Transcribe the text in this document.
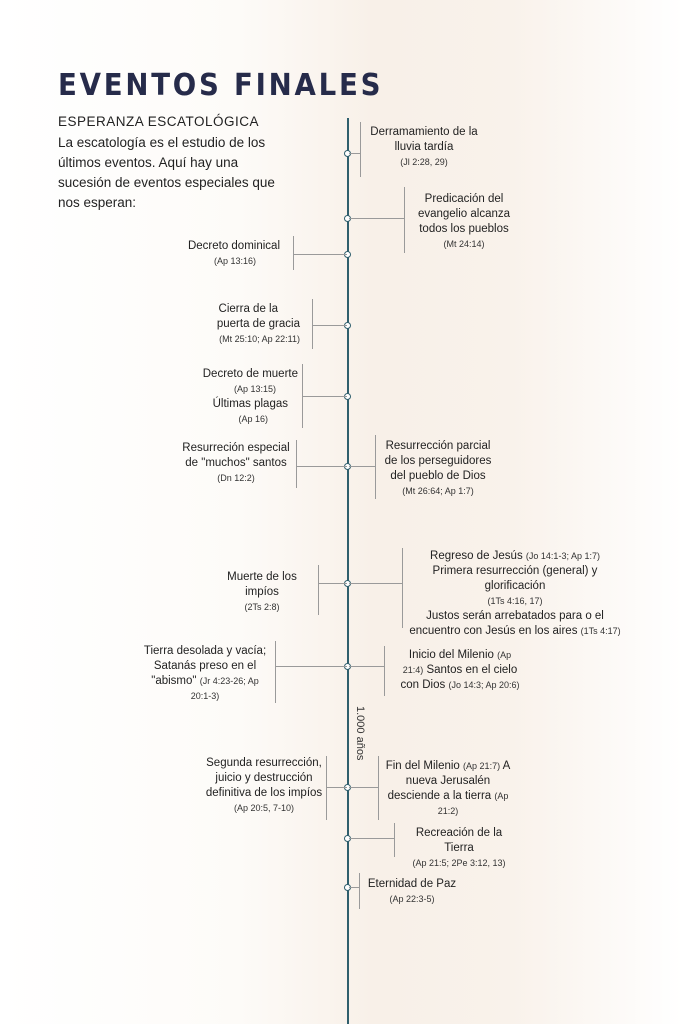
EVENTOS FINALES
ESPERANZA ESCATOLÓGICA
La escatología es el estudio de los últimos eventos. Aquí hay una sucesión de eventos especiales que nos esperan:
Derramamiento de la
lluvia tardía
(Jl 2:28, 29)
Predicación del
evangelio alcanza
todos los pueblos
(Mt 24:14)
Decreto dominical
(Ap 13:16)
Cierra de la
puerta de gracia
(Mt 25:10; Ap 22:11)
Decreto de muerte
(Ap 13:15)
Últimas plagas
(Ap 16)
Resurreción especial
de "muchos" santos
(Dn 12:2)
Resurrección parcial
de los perseguidores
del pueblo de Dios
(Mt 26:64; Ap 1:7)
Muerte de los impíos
(2Ts 2:8)
Regreso de Jesús (Jo 14:1-3; Ap 1:7)
Primera resurrección (general) y glorificación
(1Ts 4:16, 17)
Justos serán arrebatados para o el
encuentro con Jesús en los aires (1Ts 4:17)
Tierra desolada y vacía;
Satanás preso en el
"abismo" (Jr 4:23-26; Ap
20:1-3)
Inicio del Milenio (Ap
21:4) Santos en el cielo
con Dios (Jo 14:3; Ap 20:6)
1.000 años
Segunda resurrección,
juicio y destrucción
definitiva de los impíos
(Ap 20:5, 7-10)
Fin del Milenio (Ap 21:7) A
nueva Jerusalén
desciende a la tierra (Ap
21:2)
Recreación de la Tierra
(Ap 21:5; 2Pe 3:12, 13)
Eternidad de Paz
(Ap 22:3-5)
